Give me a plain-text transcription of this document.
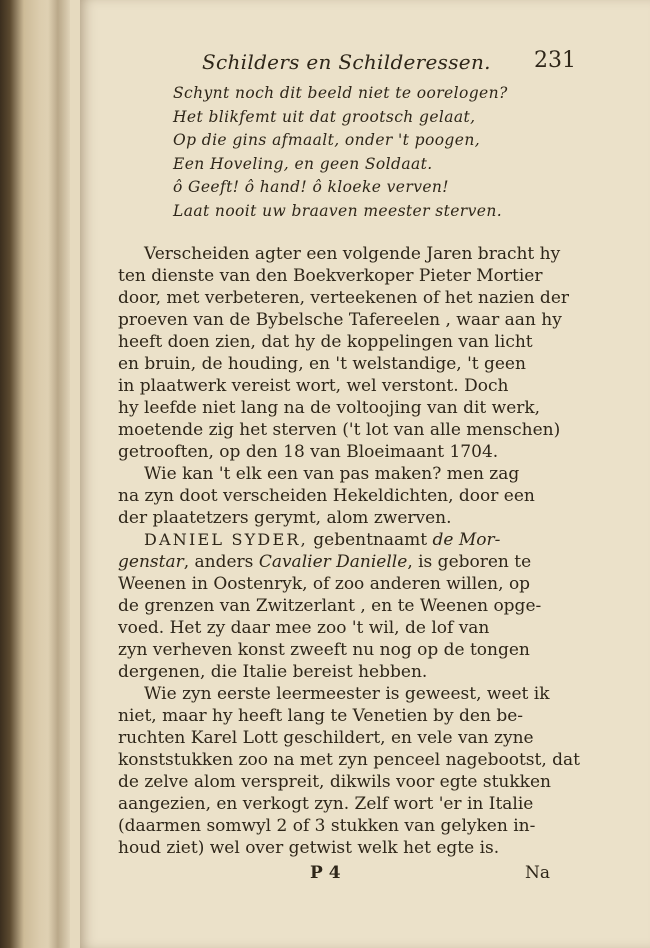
Schilders en Schilderessen. 231
Schynt noch dit beeld niet te oorelogen?
Het blikfemt uit dat grootsch gelaat,
Op die gins afmaalt, onder 't poogen,
Een Hoveling, en geen Soldaat.
ô Geeft! ô hand! ô kloeke verven!
Laat nooit uw braaven meester sterven.
Verscheiden agter een volgende Jaren bracht hy
ten dienste van den Boekverkoper Pieter Mortier
door, met verbeteren, verteekenen of het nazien der
proeven van de Bybelsche Tafereelen , waar aan hy
heeft doen zien, dat hy de koppelingen van licht
en bruin, de houding, en 't welstandige, 't geen
in plaatwerk vereist wort, wel verstont. Doch
hy leefde niet lang na de voltoojing van dit werk,
moetende zig het sterven ('t lot van alle menschen)
getrooften, op den 18 van Bloeimaant 1704.
Wie kan 't elk een van pas maken? men zag
na zyn doot verscheiden Hekeldichten, door een
der plaatetzers gerymt, alom zwerven.
DANIEL SYDER, gebentnaamt de Mor-
genstar, anders Cavalier Danielle, is geboren te
Weenen in Oostenryk, of zoo anderen willen, op
de grenzen van Zwitzerlant , en te Weenen opge-
voed. Het zy daar mee zoo 't wil, de lof van
zyn verheven konst zweeft nu nog op de tongen
dergenen, die Italie bereist hebben.
Wie zyn eerste leermeester is geweest, weet ik
niet, maar hy heeft lang te Venetien by den be-
ruchten Karel Lott geschildert, en vele van zyne
konststukken zoo na met zyn penceel nagebootst, dat
de zelve alom verspreit, dikwils voor egte stukken
aangezien, en verkogt zyn. Zelf wort 'er in Italie
(daarmen somwyl 2 of 3 stukken van gelyken in-
houd ziet) wel over getwist welk het egte is.
P 4	Na
